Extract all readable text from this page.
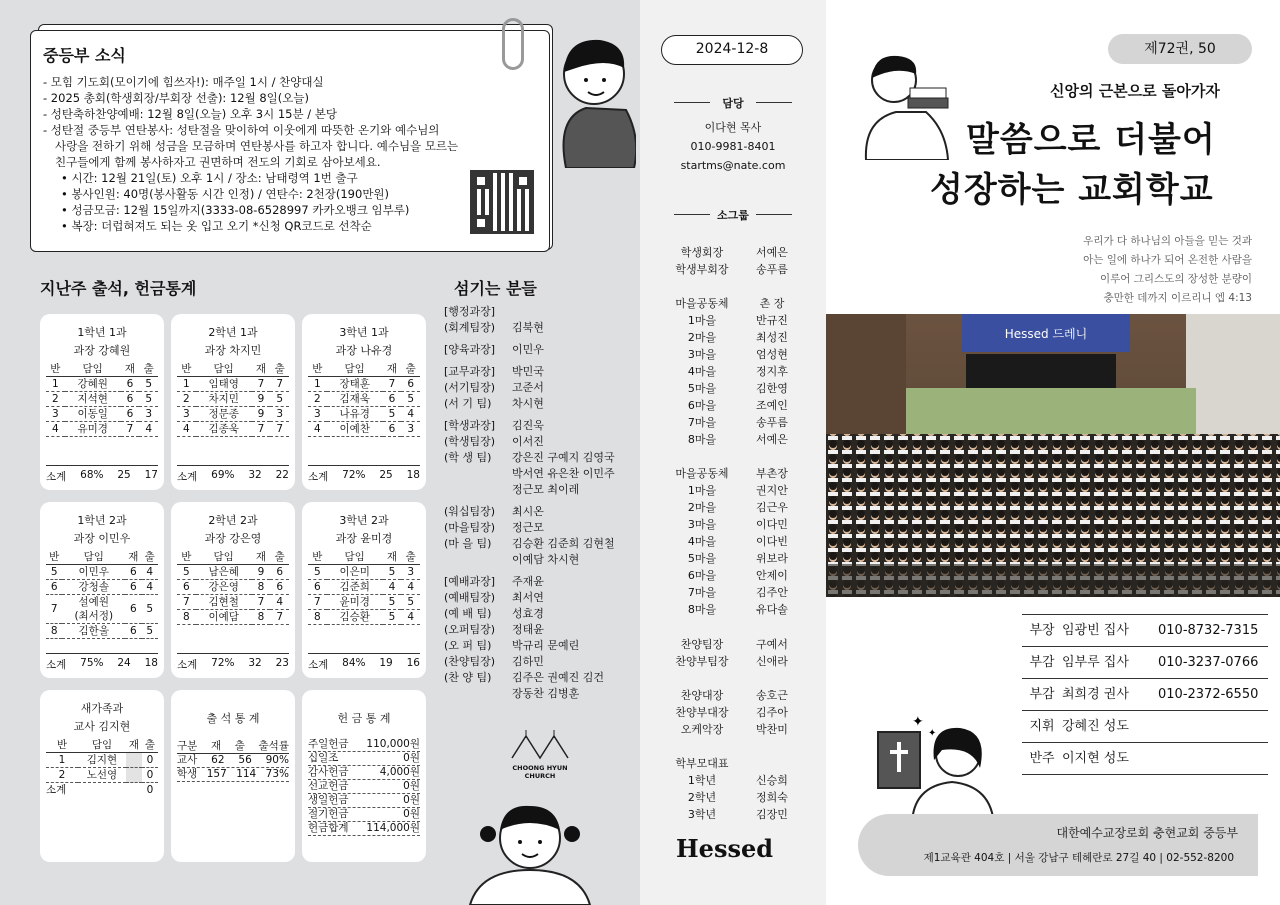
중등부 소식
- 모힘 기도회(모이기에 힘쓰자!): 매주일 1시 / 찬양대실
- 2025 총회(학생회장/부회장 선출): 12월 8일(오늘)
- 성탄축하찬양예배: 12월 8일(오늘) 오후 3시 15분 / 본당
- 성탄절 중등부 연탄봉사: 성탄절을 맞이하여 이웃에게 따뜻한 온기와 예수님의
사랑을 전하기 위해 성금을 모금하며 연탄봉사를 하고자 합니다. 예수님을 모르는
친구들에게 함께 봉사하자고 권면하며 전도의 기회로 삼아보세요.
• 시간: 12월 21일(토) 오후 1시 / 장소: 남태령역 1번 출구
• 봉사인원: 40명(봉사활동 시간 인정) / 연탄수: 2천장(190만원)
• 성금모금: 12월 15일까지(3333-08-6528997 카카오뱅크 임부루)
• 복장: 더럽혀져도 되는 옷 입고 오기 *신청 QR코드로 선착순
지난주 출석, 헌금통계	섬기는 분들
1학년 1과
과장 강혜원
반	담임	재	출
1	강혜원	6	5
2	지석현	6	5
3	이동일	6	3
4	유미경	7	4
소계 68% 25 17
2학년 1과
과장 차지민
반	담임	재	출
1	임태영	7	7
2	차지민	9	5
3	정문종	9	3
4	김종욱	7	7
소계 69% 32 22
3학년 1과
과장 나유경
반	담임	재	출
1	장태훈	7	6
2	김재욱	6	5
3	나유경	5	4
4	이예찬	6	3
소계 72% 25 18
1학년 2과
과장 이민우
반	담임	재	출
5	이민우	6	4
6	강청솔	6	4
7	설예원
(최서정)	6	5
8	김한울	6	5
소계 75% 24 18
2학년 2과
과장 강은영
반	담임	재	출
5	남은혜	9	6
6	강은영	8	6
7	김현철	7	4
8	이예담	8	7
소계 72% 32 23
3학년 2과
과장 윤미경
반	담임	재	출
5	이은미	5	3
6	김준희	4	4
7	윤미경	5	5
8	김승환	5	4
소계 84% 19 16
새가족과
교사 김지현
반	담임	재	출
1	김지현		0
2	노선영		0
소계			0
출 석 통 계
구분 재 출 출석률
교사 62 56 90%
학생 157 114 73%
헌 금 통 계
주일헌금 110,000원
십일조	0원
감사헌금	4,000원
선교헌금	0원
생일헌금	0원
절기헌금	0원
헌금합계 114,000원
[행정과장]
(회계팀장)	김북현
[양육과장]	이민우
[교무과장]	박민국
(서기팀장)	고준서
(서 기 팀)	차시현
[학생과장]	김진욱
(학생팀장)	이서진
(학 생 팀)	강은진 구예지 김영국
박서연 유은찬 이민주
정근모 최이레
(워십팀장)	최시온
(마을팀장)	정근모
(마 을 팀)	김승환 김준희 김현철
이예담 차시현
[예배과장]	주재윤
(예배팀장)	최서연
(예 배 팀)	성효경
(오퍼팀장)	정태윤
(오 퍼 팀)	박규리 문예린
(찬양팀장)	김하민
(찬 양 팀)	김주은 권예진 김건
장동찬 김병훈
CHOONG HYUN CHURCH
2024-12-8
담당
이다현 목사
010-9981-8401
startms@nate.com
소그룹
학생회장	서예은
학생부회장	송푸름
마을공동체	촌 장
1마을	반규진
2마을	최성진
3마을	엄성현
4마을	정지후
5마을	김한영
6마을	조예인
7마을	송푸름
8마을	서예은
마을공동체	부촌장
1마을	권지안
2마을	김근우
3마을	이다민
4마을	이다빈
5마을	위보라
6마을	안제이
7마을	김주안
8마을	유다솔
찬양팀장	구예서
찬양부팀장	신애라
찬양대장	송호근
찬양부대장	김주아
오케악장	박찬미
학부모대표
1학년	신승희
2학년	정희숙
3학년	김장민
Hessed
제72권, 50
신앙의 근본으로 돌아가자
말씀으로 더불어
성장하는 교회학교
우리가 다 하나님의 아들을 믿는 것과
아는 일에 하나가 되어 온전한 사람을
이루어 그리스도의 장성한 분량이
충만한 데까지 이르리니 엡 4:13
Hessed 드레니
부장 임광빈 집사	010-8732-7315
부감 임부루 집사	010-3237-0766
부감 최희경 권사	010-2372-6550
지휘 강혜진 성도
반주 이지현 성도
✦
✦
대한예수교장로회 충현교회 중등부
제1교육관 404호 | 서울 강남구 테헤란로 27길 40 | 02-552-8200
